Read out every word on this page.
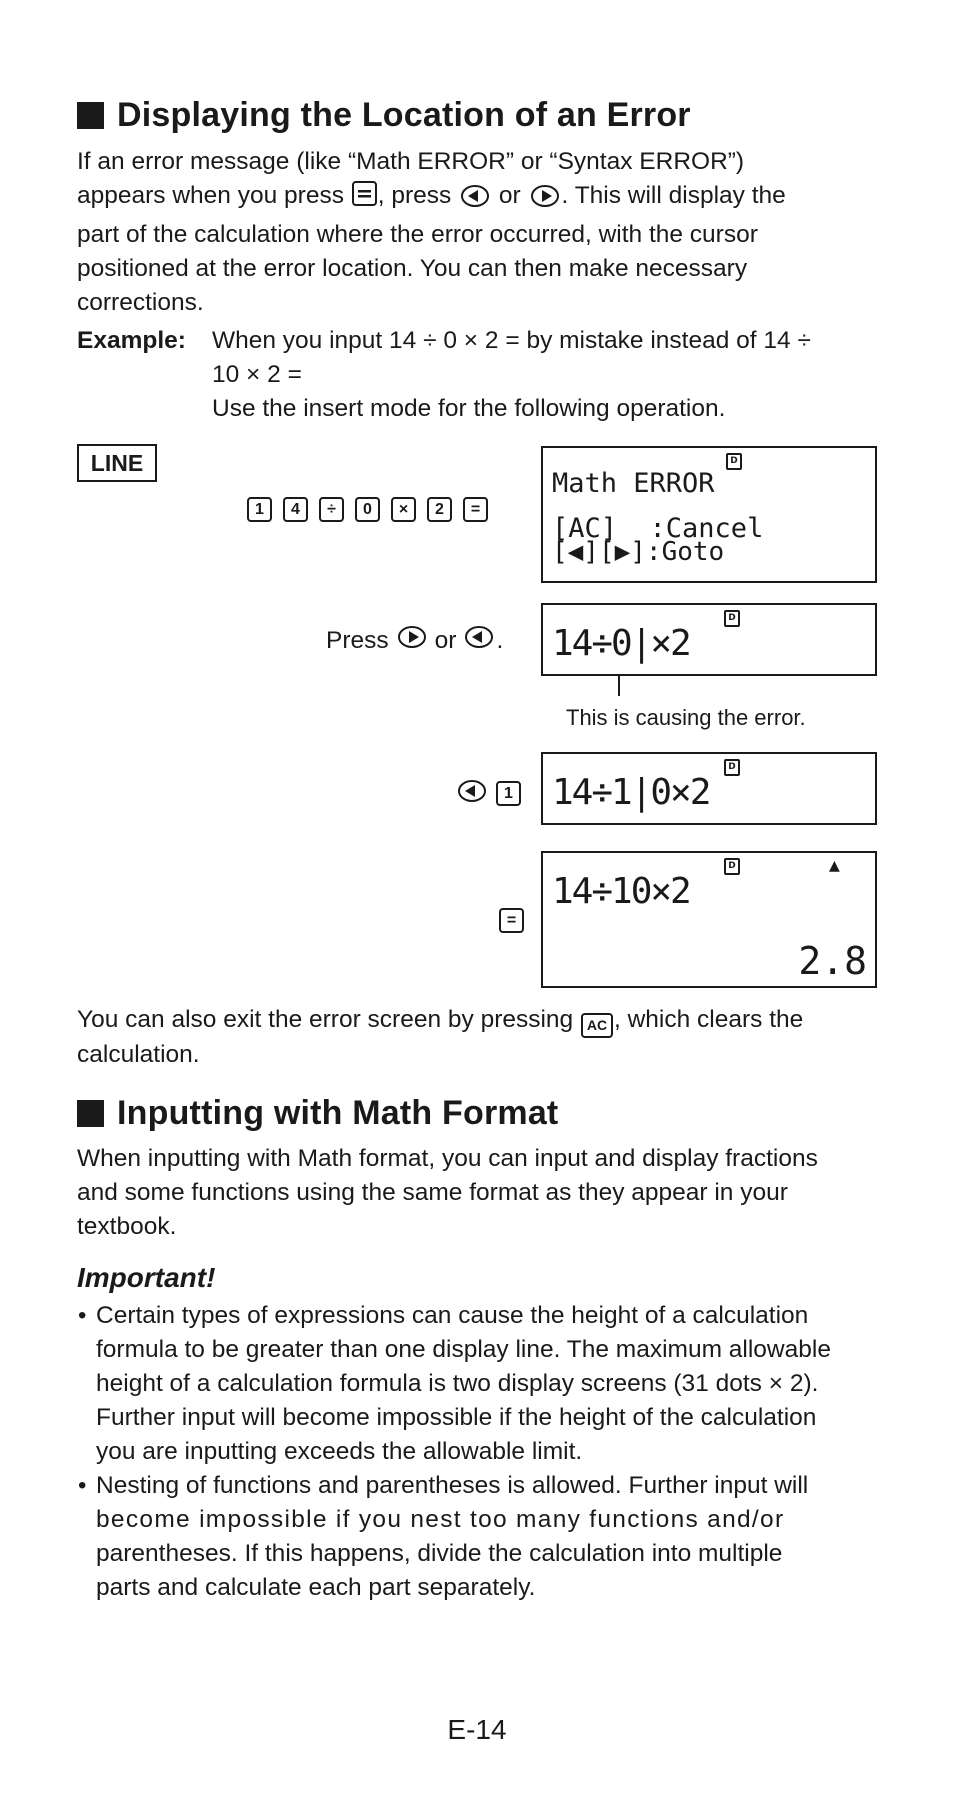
Displaying the Location of an Error
If an error message (like “Math ERROR” or “Syntax ERROR”)
appears when you press , press or . This will display the
part of the calculation where the error occurred, with the cursor
positioned at the error location. You can then make necessary
corrections.
Example: When you input 14 ÷ 0 × 2 = by mistake instead of 14 ÷
10 × 2 =
Use the insert mode for the following operation.
LINE
1	4	÷	0	×	2	=
D
Math ERROR
[AC]  :Cancel
[◀][▶]:Goto
Press or .
D
14÷0|×2
This is causing the error.
1
D
14÷1|0×2
=
D	▲
14÷10×2
2.8
You can also exit the error screen by pressing AC , which clears the
calculation.
Inputting with Math Format
When inputting with Math format, you can input and display fractions
and some functions using the same format as they appear in your
textbook.
Important!
• Certain types of expressions can cause the height of a calculation
formula to be greater than one display line. The maximum allowable
height of a calculation formula is two display screens (31 dots × 2).
Further input will become impossible if the height of the calculation
you are inputting exceeds the allowable limit.
• Nesting of functions and parentheses is allowed. Further input will
become impossible if you nest too many functions and/or
parentheses. If this happens, divide the calculation into multiple
parts and calculate each part separately.
E-14
